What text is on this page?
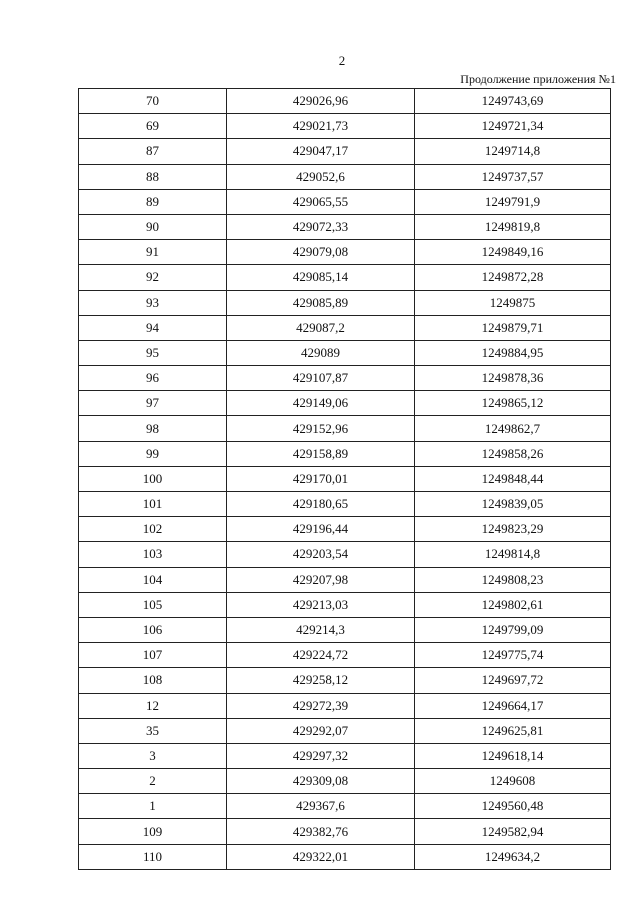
2
Продолжение приложения №1
70	429026,96	1249743,69
69	429021,73	1249721,34
87	429047,17	1249714,8
88	429052,6	1249737,57
89	429065,55	1249791,9
90	429072,33	1249819,8
91	429079,08	1249849,16
92	429085,14	1249872,28
93	429085,89	1249875
94	429087,2	1249879,71
95	429089	1249884,95
96	429107,87	1249878,36
97	429149,06	1249865,12
98	429152,96	1249862,7
99	429158,89	1249858,26
100	429170,01	1249848,44
101	429180,65	1249839,05
102	429196,44	1249823,29
103	429203,54	1249814,8
104	429207,98	1249808,23
105	429213,03	1249802,61
106	429214,3	1249799,09
107	429224,72	1249775,74
108	429258,12	1249697,72
12	429272,39	1249664,17
35	429292,07	1249625,81
3	429297,32	1249618,14
2	429309,08	1249608
1	429367,6	1249560,48
109	429382,76	1249582,94
110	429322,01	1249634,2
